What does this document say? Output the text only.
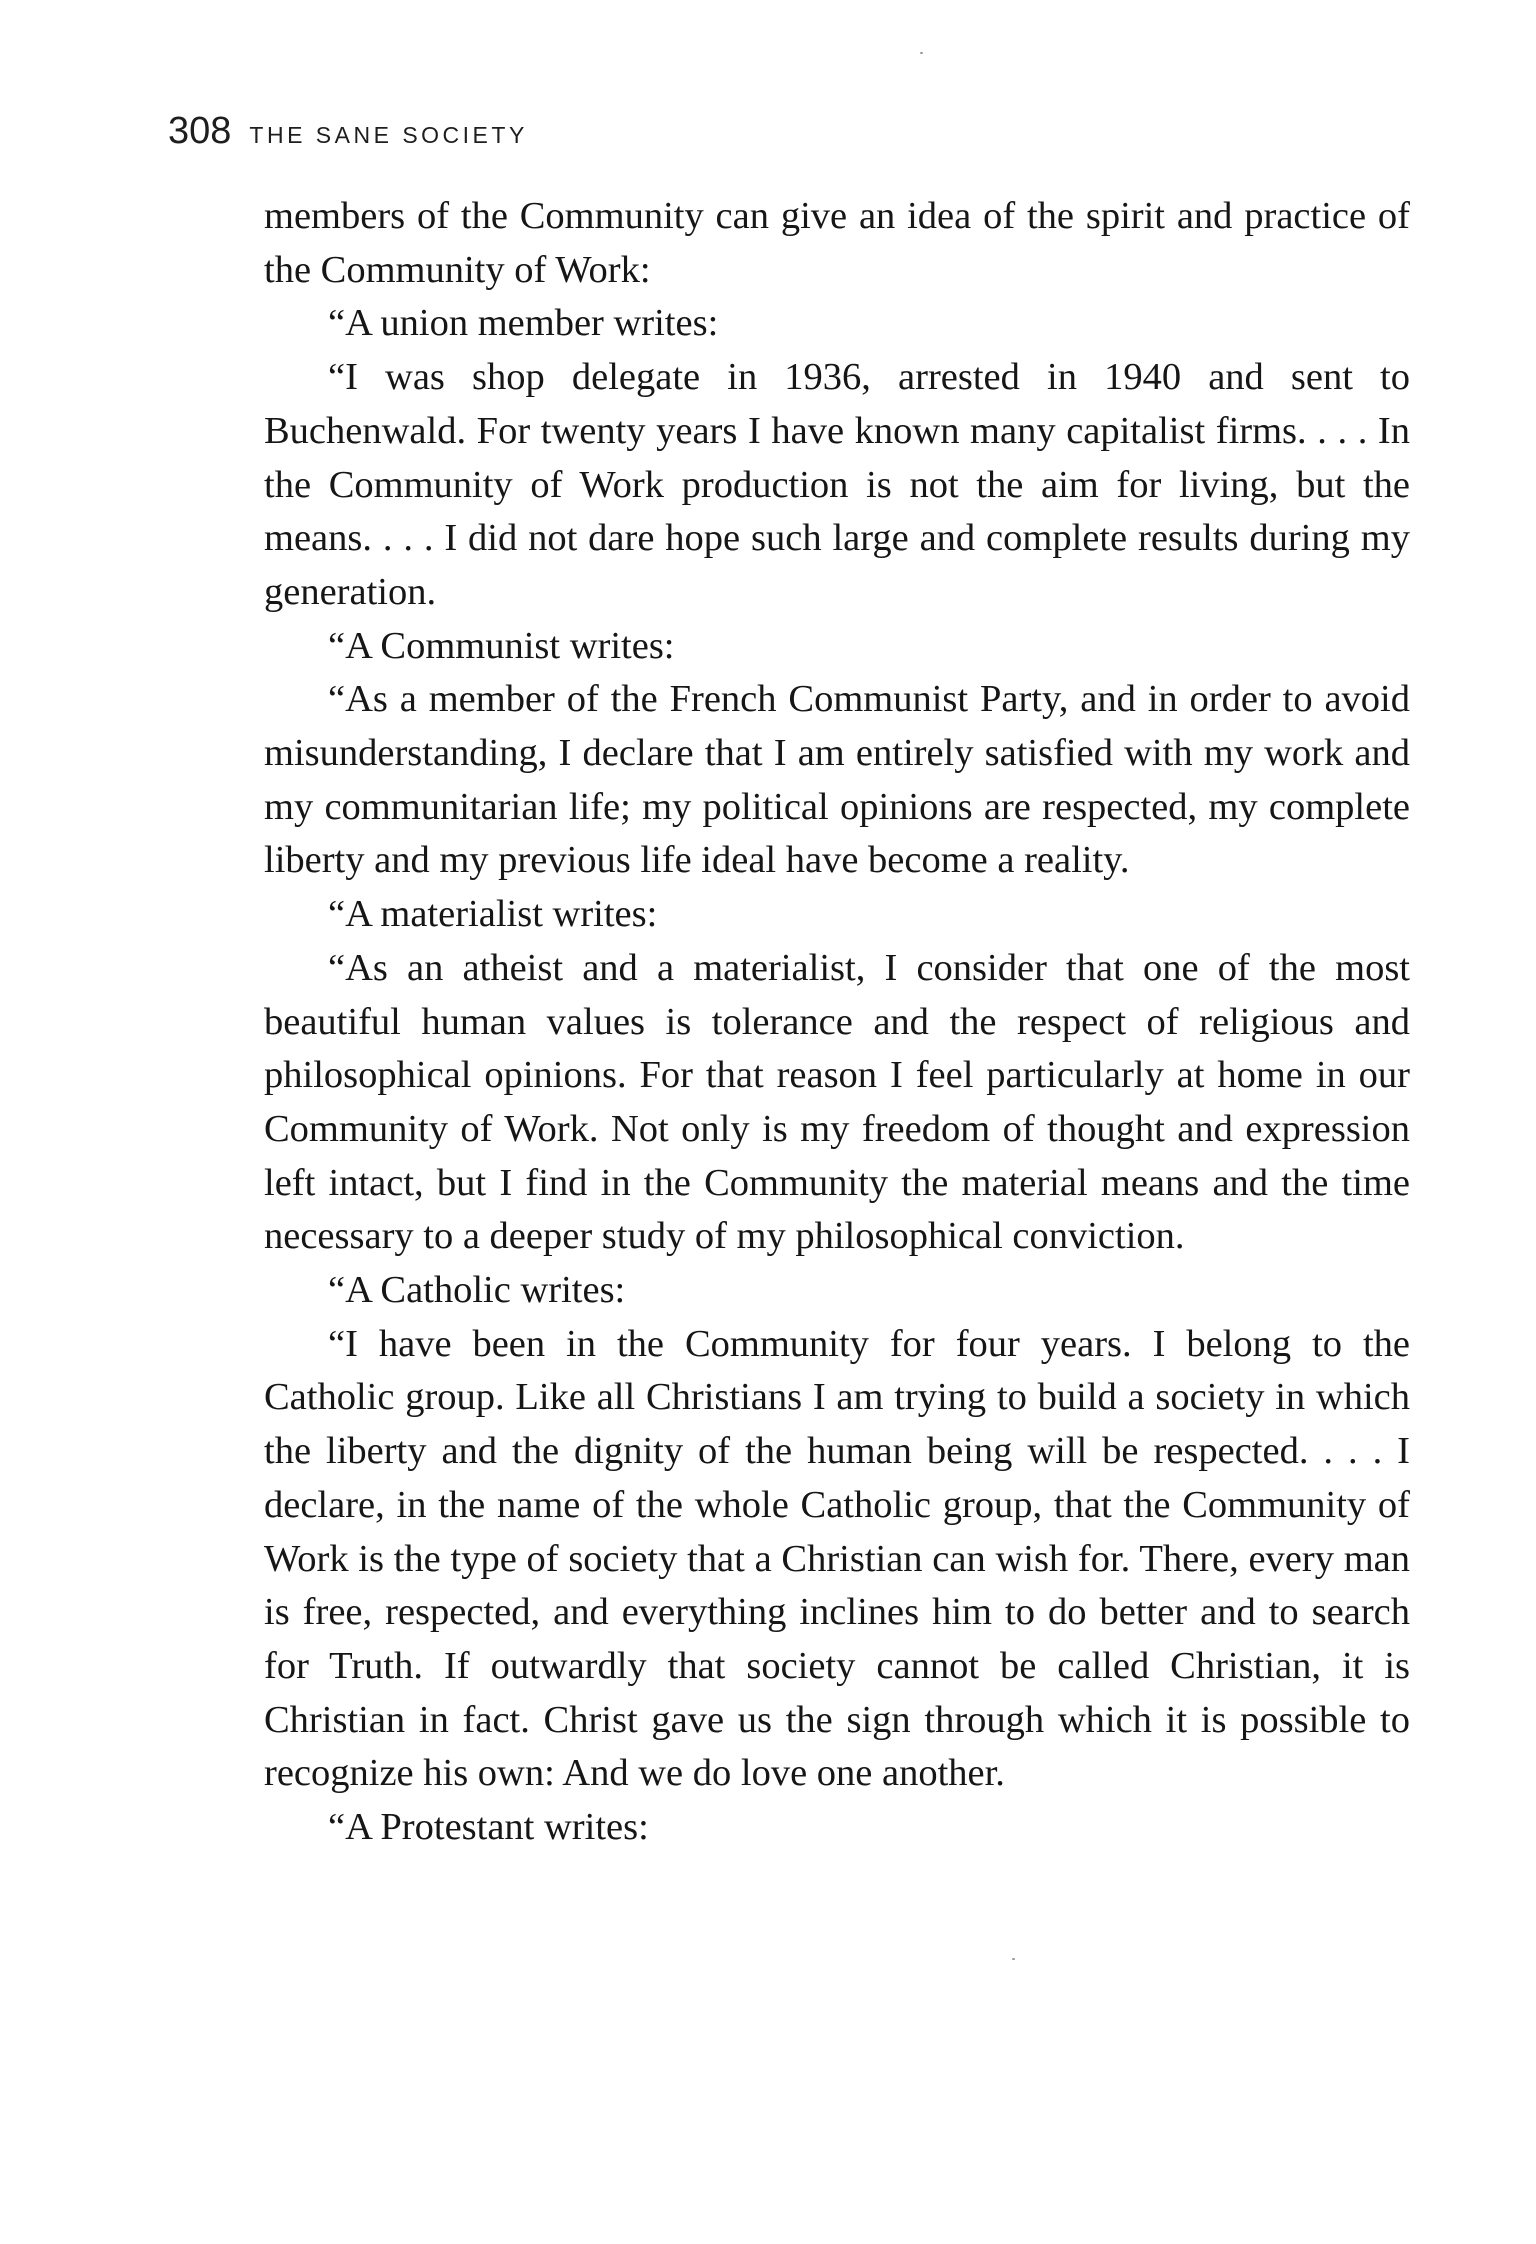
308 THE SANE SOCIETY

members of the Community can give an idea of the spirit and practice of the Community of Work:

“A union member writes:

“I was shop delegate in 1936, arrested in 1940 and sent to Buchenwald. For twenty years I have known many capitalist firms. . . . In the Community of Work production is not the aim for living, but the means. . . . I did not dare hope such large and complete results during my generation.

“A Communist writes:

“As a member of the French Communist Party, and in order to avoid misunderstanding, I declare that I am entirely satisfied with my work and my communitarian life; my political opinions are respected, my complete liberty and my previous life ideal have become a reality.

“A materialist writes:

“As an atheist and a materialist, I consider that one of the most beautiful human values is tolerance and the respect of religious and philosophical opinions. For that reason I feel particularly at home in our Community of Work. Not only is my freedom of thought and expression left intact, but I find in the Community the material means and the time necessary to a deeper study of my philosophical conviction.

“A Catholic writes:

“I have been in the Community for four years. I belong to the Catholic group. Like all Christians I am trying to build a society in which the liberty and the dignity of the human being will be respected. . . . I declare, in the name of the whole Catholic group, that the Community of Work is the type of society that a Christian can wish for. There, every man is free, respected, and everything inclines him to do better and to search for Truth. If outwardly that society cannot be called Christian, it is Christian in fact. Christ gave us the sign through which it is possible to recognize his own: And we do love one another.

“A Protestant writes:
